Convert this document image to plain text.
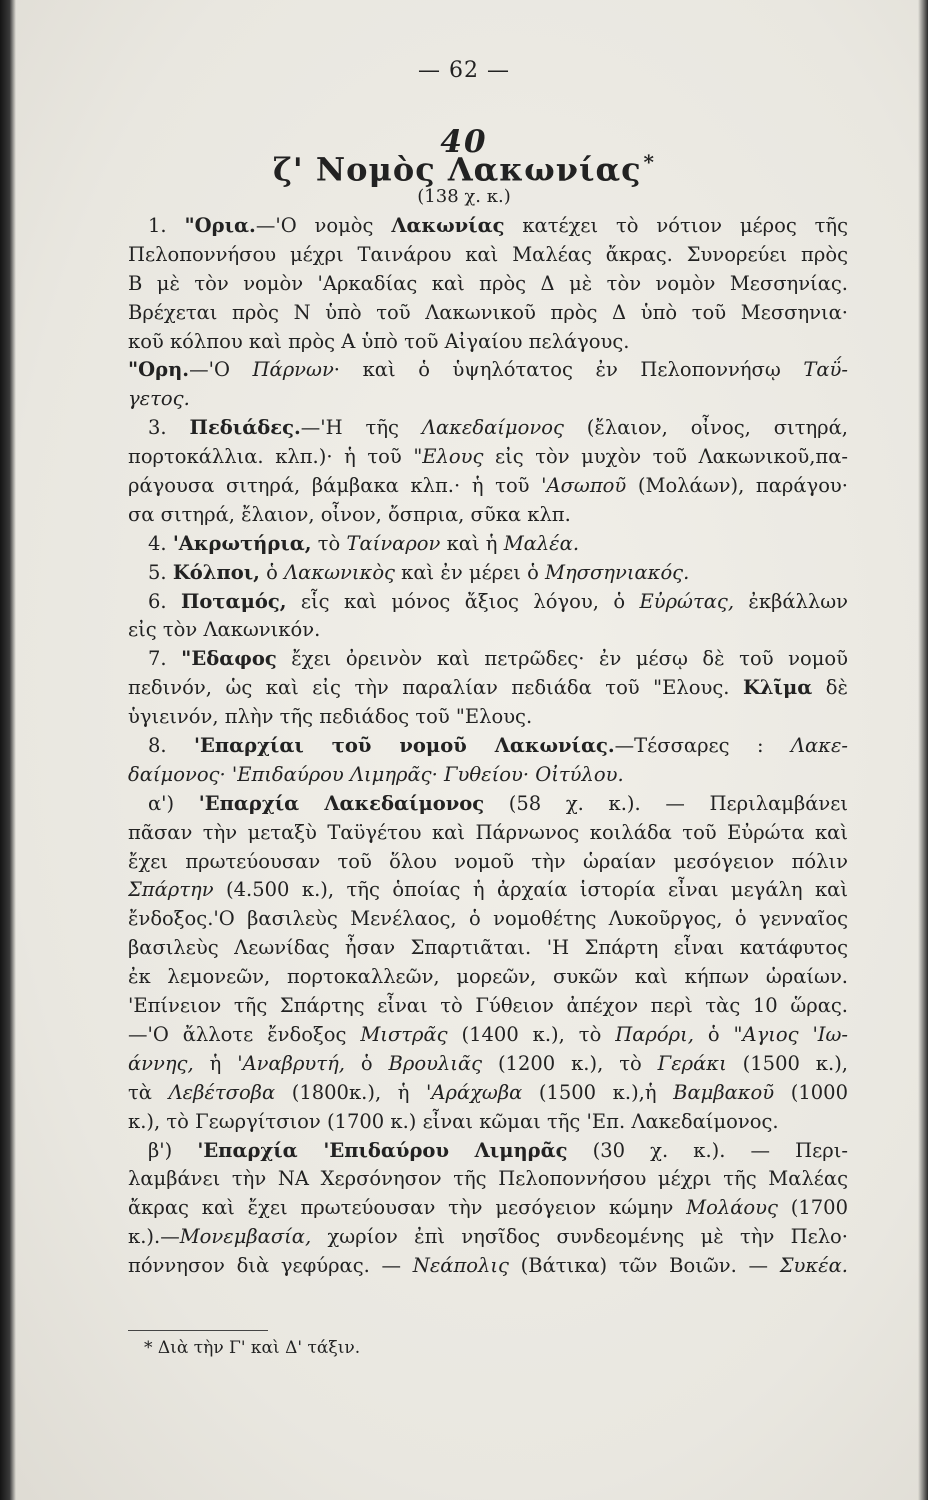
— 62 —
40
ζ' Νομὸς Λακωνίας *
(138 χ. κ.)
1. "Ορια.—'Ο νομὸς Λακωνίας κατέχει τὸ νότιον μέρος τῆς
Πελοποννήσου μέχρι Ταινάρου καὶ Μαλέας ἄκρας. Συνορεύει πρὸς
Β μὲ τὸν νομὸν 'Αρκαδίας καὶ πρὸς Δ μὲ τὸν νομὸν Μεσσηνίας.
Βρέχεται πρὸς Ν ὑπὸ τοῦ Λακωνικοῦ πρὸς Δ ὑπὸ τοῦ Μεσσηνια·
κοῦ κόλπου καὶ πρὸς Α ὑπὸ τοῦ Αἰγαίου πελάγους.
"Ορη.—'Ο Πάρνων· καὶ ὁ ὑψηλότατος ἐν Πελοποννήσῳ Ταΰ-
γετος.
3. Πεδιάδες.—'Η τῆς Λακεδαίμονος (ἔλαιον, οἶνος, σιτηρά,
πορτοκάλλια. κλπ.)· ἡ τοῦ "Ελους εἰς τὸν μυχὸν τοῦ Λακωνικοῦ,πα-
ράγουσα σιτηρά, βάμβακα κλπ.· ἡ τοῦ 'Ασωποῦ (Μολάων), παράγου·
σα σιτηρά, ἔλαιον, οἶνον, ὄσπρια, σῦκα κλπ.
4. 'Ακρωτήρια, τὸ Ταίναρον καὶ ἡ Μαλέα.
5. Κόλποι, ὁ Λακωνικὸς καὶ ἐν μέρει ὁ Μησσηνιακός.
6. Ποταμός, εἷς καὶ μόνος ἄξιος λόγου, ὁ Εὐρώτας, ἐκβάλλων
εἰς τὸν Λακωνικόν.
7. "Εδαφος ἔχει ὀρεινὸν καὶ πετρῶδες· ἐν μέσῳ δὲ τοῦ νομοῦ
πεδινόν, ὡς καὶ εἰς τὴν παραλίαν πεδιάδα τοῦ "Ελους. Κλῖμα δὲ
ὑγιεινόν, πλὴν τῆς πεδιάδος τοῦ "Ελους.
8. 'Επαρχίαι τοῦ νομοῦ Λακωνίας.—Τέσσαρες : Λακε-
δαίμονος· 'Επιδαύρου Λιμηρᾶς· Γυθείου· Οἰτύλου.
α') 'Επαρχία Λακεδαίμονος (58 χ. κ.). — Περιλαμβάνει
πᾶσαν τὴν μεταξὺ Ταϋγέτου καὶ Πάρνωνος κοιλάδα τοῦ Εὐρώτα καὶ
ἔχει πρωτεύουσαν τοῦ ὅλου νομοῦ τὴν ὡραίαν μεσόγειον πόλιν
Σπάρτην (4.500 κ.), τῆς ὁποίας ἡ ἀρχαία ἱστορία εἶναι μεγάλη καὶ
ἔνδοξος.'Ο βασιλεὺς Μενέλαος, ὁ νομοθέτης Λυκοῦργος, ὁ γενναῖος
βασιλεὺς Λεωνίδας ἦσαν Σπαρτιᾶται. 'Η Σπάρτη εἶναι κατάφυτος
ἐκ λεμονεῶν, πορτοκαλλεῶν, μορεῶν, συκῶν καὶ κήπων ὡραίων.
'Επίνειον τῆς Σπάρτης εἶναι τὸ Γύθειον ἀπέχον περὶ τὰς 10 ὥρας.
—'Ο ἄλλοτε ἔνδοξος Μιστρᾶς (1400 κ.), τὸ Παρόρι, ὁ "Αγιος 'Ιω-
άννης, ἡ 'Αναβρυτή, ὁ Βρουλιᾶς (1200 κ.), τὸ Γεράκι (1500 κ.),
τὰ Λεβέτσοβα (1800κ.), ἡ 'Αράχωβα (1500 κ.),ἡ Βαμβακοῦ (1000
κ.), τὸ Γεωργίτσιον (1700 κ.) εἶναι κῶμαι τῆς 'Επ. Λακεδαίμονος.
β') 'Επαρχία 'Επιδαύρου Λιμηρᾶς (30 χ. κ.). — Περι-
λαμβάνει τὴν ΝΑ Χερσόνησον τῆς Πελοποννήσου μέχρι τῆς Μαλέας
ἄκρας καὶ ἔχει πρωτεύουσαν τὴν μεσόγειον κώμην Μολάους (1700
κ.).—Μονεμβασία, χωρίον ἐπὶ νησῖδος συνδεομένης μὲ τὴν Πελο·
πόννησον διὰ γεφύρας. — Νεάπολις (Βάτικα) τῶν Βοιῶν. — Συκέα.
* Διὰ τὴν Γ' καὶ Δ' τάξιν.
